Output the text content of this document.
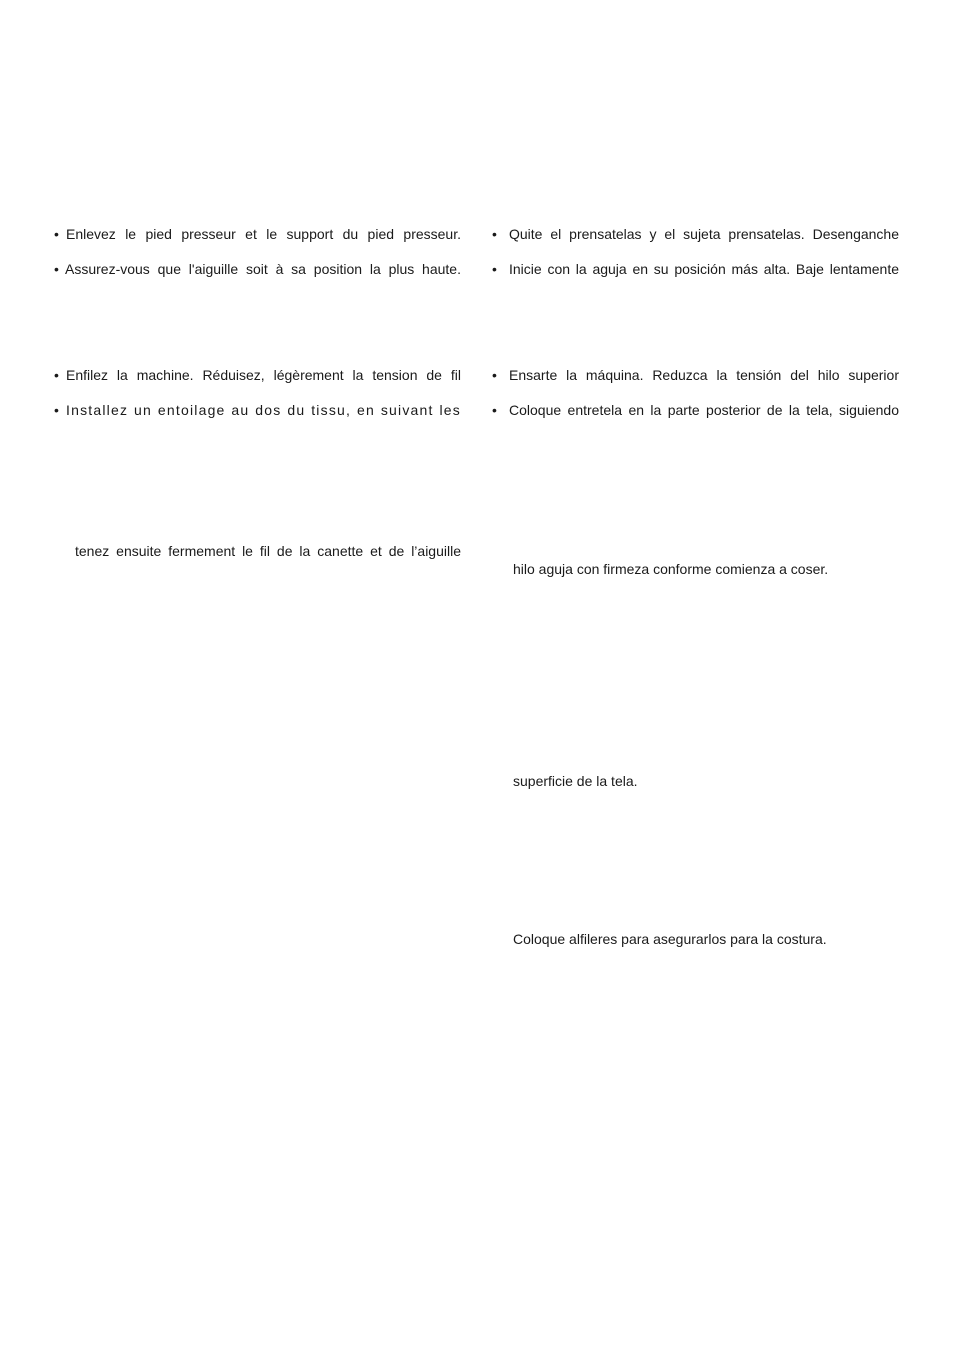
• Enlevez le pied presseur et le support du pied presseur.
• Assurez-vous que l'aiguille soit à sa position la plus haute.
• Enfilez la machine. Réduisez, légèrement la tension de fil
• Installez un entoilage au dos du tissu, en suivant les
tenez ensuite fermement le fil de la canette et de l’aiguille
• Quite el prensatelas y el sujeta prensatelas. Desenganche
• Inicie con la aguja en su posición más alta. Baje lentamente
• Ensarte la máquina. Reduzca la tensión del hilo superior
• Coloque entretela en la parte posterior de la tela, siguiendo
hilo aguja con firmeza conforme comienza a coser.
superficie de la tela.
Coloque alfileres para asegurarlos para la costura.
